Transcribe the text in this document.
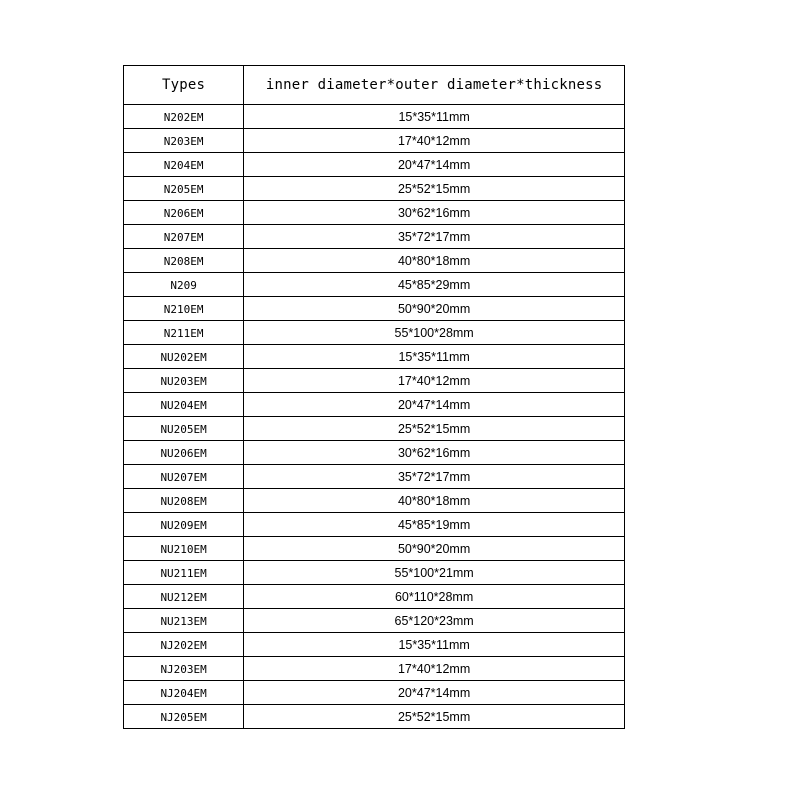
Types	inner diameter*outer diameter*thickness
N202EM	15*35*11mm
N203EM	17*40*12mm
N204EM	20*47*14mm
N205EM	25*52*15mm
N206EM	30*62*16mm
N207EM	35*72*17mm
N208EM	40*80*18mm
N209	45*85*29mm
N210EM	50*90*20mm
N211EM	55*100*28mm
NU202EM	15*35*11mm
NU203EM	17*40*12mm
NU204EM	20*47*14mm
NU205EM	25*52*15mm
NU206EM	30*62*16mm
NU207EM	35*72*17mm
NU208EM	40*80*18mm
NU209EM	45*85*19mm
NU210EM	50*90*20mm
NU211EM	55*100*21mm
NU212EM	60*110*28mm
NU213EM	65*120*23mm
NJ202EM	15*35*11mm
NJ203EM	17*40*12mm
NJ204EM	20*47*14mm
NJ205EM	25*52*15mm
